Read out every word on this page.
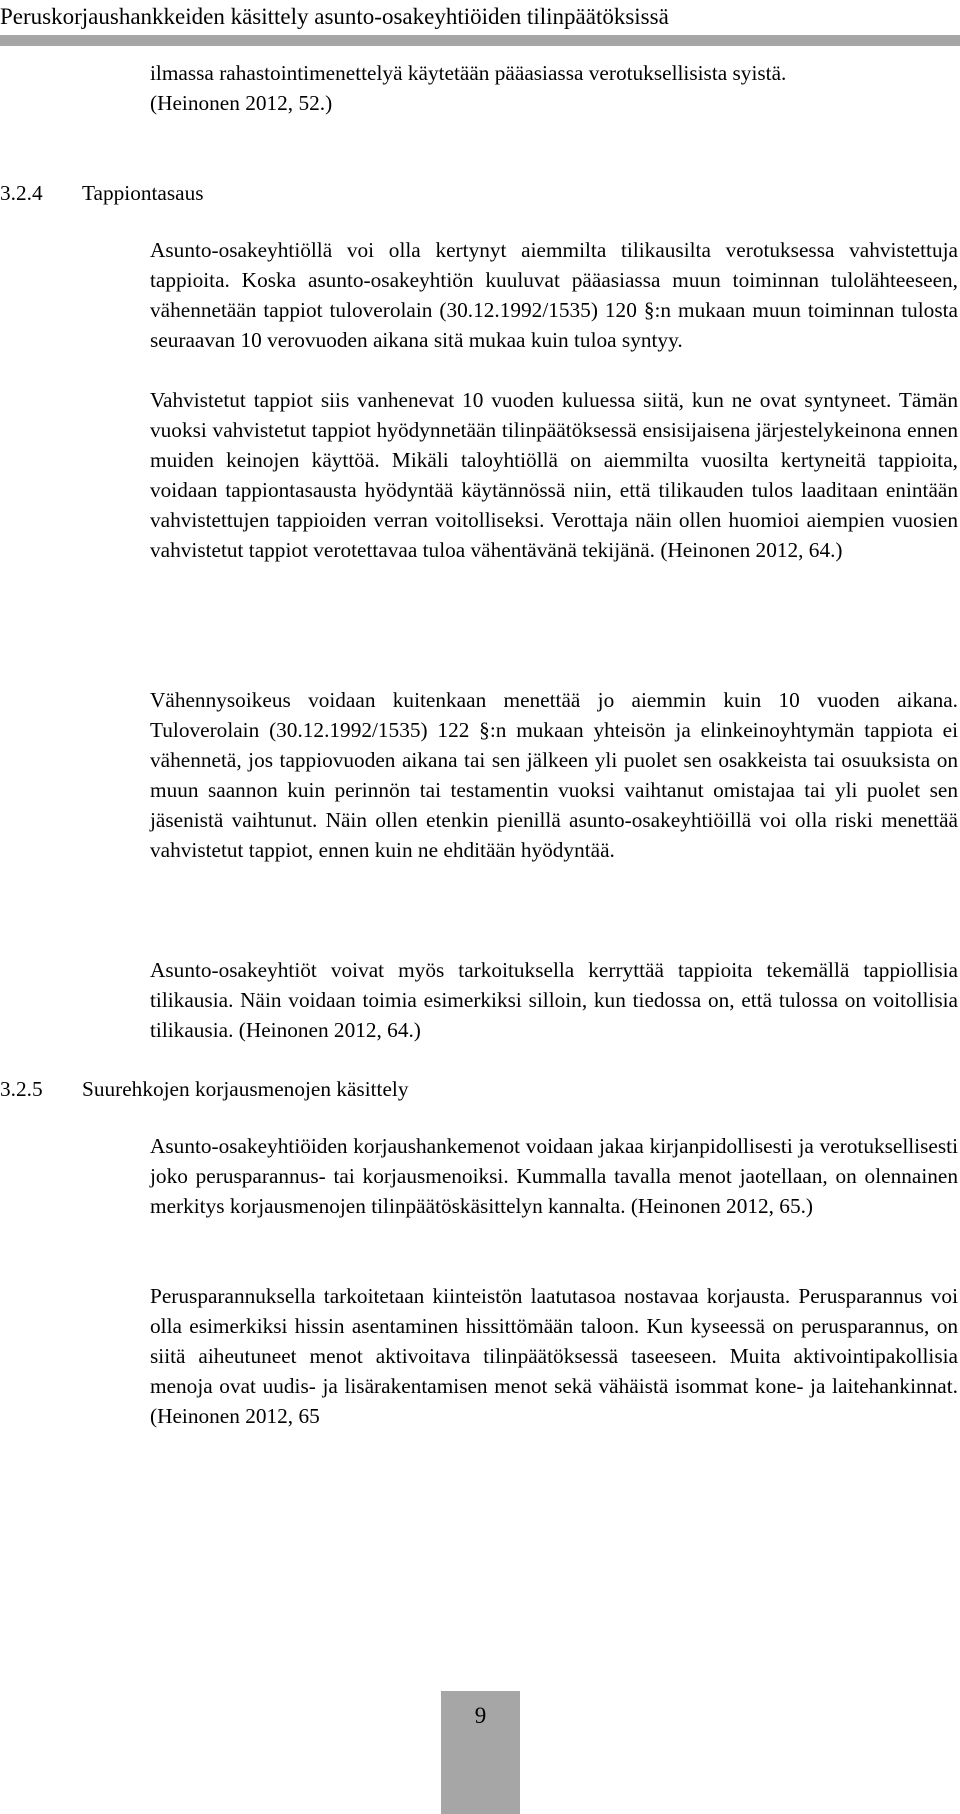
Peruskorjaushankkeiden käsittely asunto-osakeyhtiöiden tilinpäätöksissä

ilmassa rahastointimenettelyä käytetään pääasiassa verotuksellisista syistä.
(Heinonen 2012, 52.)

3.2.4 Tappiontasaus

Asunto-osakeyhtiöllä voi olla kertynyt aiemmilta tilikausilta verotuksessa vahvistettuja tappioita. Koska asunto-osakeyhtiön kuuluvat pääasiassa muun toiminnan tulolähteeseen, vähennetään tappiot tuloverolain (30.12.1992/1535) 120 §:n mukaan muun toiminnan tulosta seuraavan 10 verovuoden aikana sitä mukaa kuin tuloa syntyy.

Vahvistetut tappiot siis vanhenevat 10 vuoden kuluessa siitä, kun ne ovat syntyneet. Tämän vuoksi vahvistetut tappiot hyödynnetään tilinpäätöksessä ensisijaisena järjestelykeinona ennen muiden keinojen käyttöä. Mikäli taloyhtiöllä on aiemmilta vuosilta kertyneitä tappioita, voidaan tappiontasausta hyödyntää käytännössä niin, että tilikauden tulos laaditaan enintään vahvistettujen tappioiden verran voitolliseksi. Verottaja näin ollen huomioi aiempien vuosien vahvistetut tappiot verotettavaa tuloa vähentävänä tekijänä. (Heinonen 2012, 64.)

Vähennysoikeus voidaan kuitenkaan menettää jo aiemmin kuin 10 vuoden aikana. Tuloverolain (30.12.1992/1535) 122 §:n mukaan yhteisön ja elinkeinoyhtymän tappiota ei vähennetä, jos tappiovuoden aikana tai sen jälkeen yli puolet sen osakkeista tai osuuksista on muun saannon kuin perinnön tai testamentin vuoksi vaihtanut omistajaa tai yli puolet sen jäsenistä vaihtunut. Näin ollen etenkin pienillä asunto-osakeyhtiöillä voi olla riski menettää vahvistetut tappiot, ennen kuin ne ehditään hyödyntää.

Asunto-osakeyhtiöt voivat myös tarkoituksella kerryttää tappioita tekemällä tappiollisia tilikausia. Näin voidaan toimia esimerkiksi silloin, kun tiedossa on, että tulossa on voitollisia tilikausia. (Heinonen 2012, 64.)

3.2.5 Suurehkojen korjausmenojen käsittely

Asunto-osakeyhtiöiden korjaushankemenot voidaan jakaa kirjanpidollisesti ja verotuksellisesti joko perusparannus- tai korjausmenoiksi. Kummalla tavalla menot jaotellaan, on olennainen merkitys korjausmenojen tilinpäätöskäsittelyn kannalta. (Heinonen 2012, 65.)

Perusparannuksella tarkoitetaan kiinteistön laatutasoa nostavaa korjausta. Perusparannus voi olla esimerkiksi hissin asentaminen hissittömään taloon. Kun kyseessä on perusparannus, on siitä aiheutuneet menot aktivoitava tilinpäätöksessä taseeseen. Muita aktivointipakollisia menoja ovat uudis- ja lisärakentamisen menot sekä vähäistä isommat kone- ja laitehankinnat. (Heinonen 2012, 65

9
